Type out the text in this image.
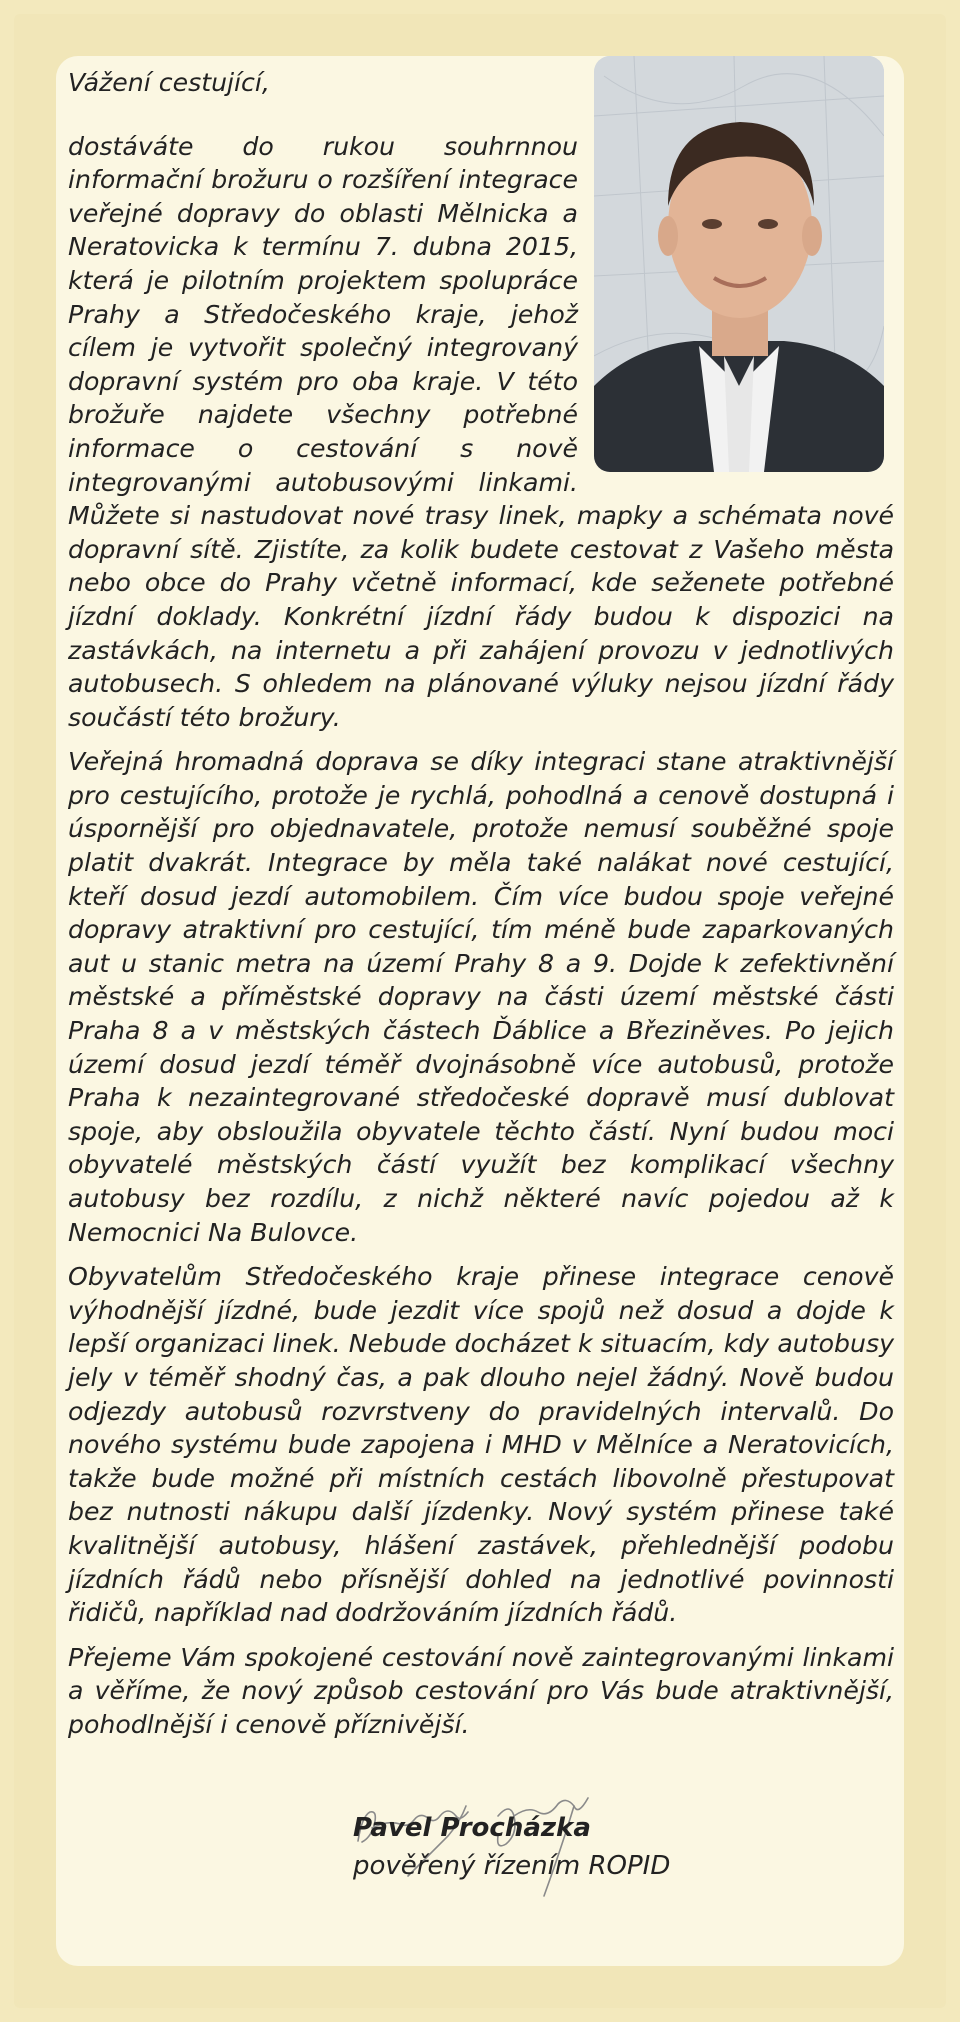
Vážení cestující,

dostáváte do rukou souhrnnou informační brožuru o rozšíření integrace veřejné dopravy do oblasti Mělnicka a Neratovicka k termínu 7. dubna 2015, která je pilotním projektem spolupráce Prahy a Středočeského kraje, jehož cílem je vytvořit společný integrovaný dopravní systém pro oba kraje. V této brožuře najdete všechny potřebné informace o cestování s nově integrovanými autobusovými linkami. Můžete si nastudovat nové trasy linek, mapky a schémata nové dopravní sítě. Zjistíte, za kolik budete cestovat z Vašeho města nebo obce do Prahy včetně informací, kde seženete potřebné jízdní doklady. Konkrétní jízdní řády budou k dispozici na zastávkách, na internetu a při zahájení provozu v jednotlivých autobusech. S ohledem na plánované výluky nejsou jízdní řády součástí této brožury.

Veřejná hromadná doprava se díky integraci stane atraktivnější pro cestujícího, protože je rychlá, pohodlná a cenově dostupná i úspornější pro objednavatele, protože nemusí souběžné spoje platit dvakrát. Integrace by měla také nalákat nové cestující, kteří dosud jezdí automobilem. Čím více budou spoje veřejné dopravy atraktivní pro cestující, tím méně bude zaparkovaných aut u stanic metra na území Prahy 8 a 9. Dojde k zefektivnění městské a příměstské dopravy na části území městské části Praha 8 a v městských částech Ďáblice a Březiněves. Po jejich území dosud jezdí téměř dvojnásobně více autobusů, protože Praha k nezaintegrované středočeské dopravě musí dublovat spoje, aby obsloužila obyvatele těchto částí. Nyní budou moci obyvatelé městských částí využít bez komplikací všechny autobusy bez rozdílu, z nichž některé navíc pojedou až k Nemocnici Na Bulovce.

Obyvatelům Středočeského kraje přinese integrace cenově výhodnější jízdné, bude jezdit více spojů než dosud a dojde k lepší organizaci linek. Nebude docházet k situacím, kdy autobusy jely v téměř shodný čas, a pak dlouho nejel žádný. Nově budou odjezdy autobusů rozvrstveny do pravidelných intervalů. Do nového systému bude zapojena i MHD v Mělníce a Neratovicích, takže bude možné při místních cestách libovolně přestupovat bez nutnosti nákupu další jízdenky. Nový systém přinese také kvalitnější autobusy, hlášení zastávek, přehlednější podobu jízdních řádů nebo přísnější dohled na jednotlivé povinnosti řidičů, například nad dodržováním jízdních řádů.

Přejeme Vám spokojené cestování nově zaintegrovanými linkami a věříme, že nový způsob cestování pro Vás bude atraktivnější, pohodlnější i cenově příznivější.

Pavel Procházka
pověřený řízením ROPID
